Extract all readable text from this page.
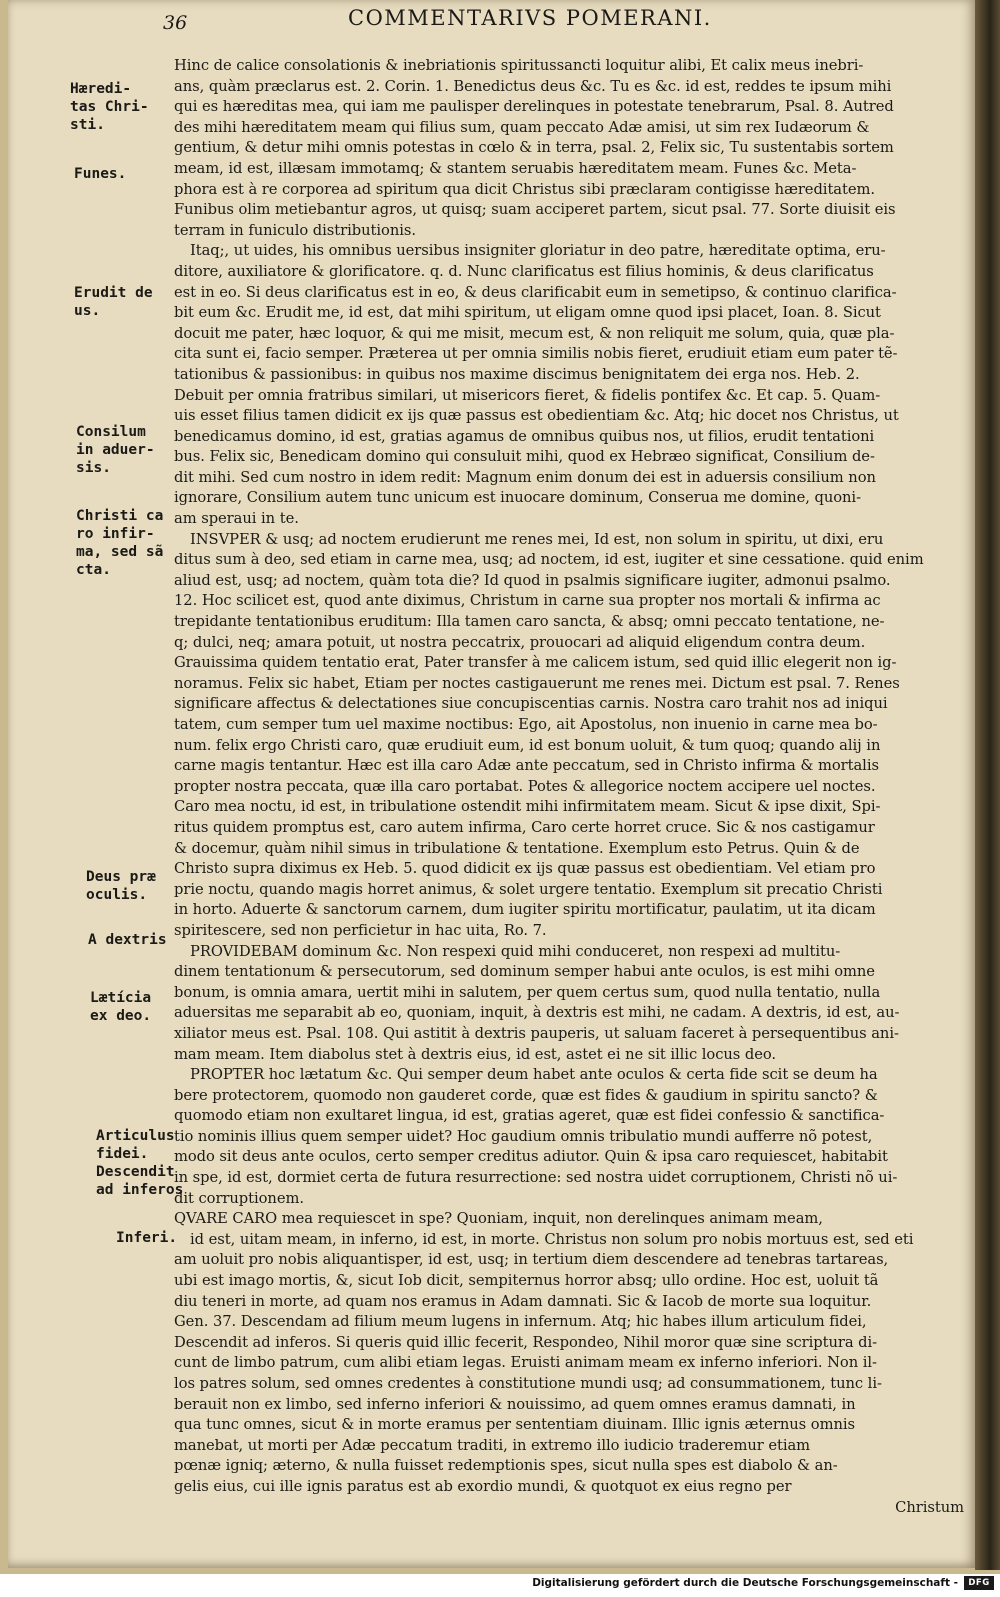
36	COMMENTARIVS POMERANI.
Hæredi-
tas Chri-
sti.
Funes.
Erudit de
us.
Consilum
in aduer-
sis.
Christi ca
ro infir-
ma, sed sã
cta.
Deus præ
oculis.
A dextris
Lætícia
ex deo.
Articulus
fidei.
Descendit
ad inferos
Inferi.
Hinc de calice consolationis & inebriationis spiritussancti loquitur alibi, Et calix meus inebri-
ans, quàm præclarus est. 2. Corin. 1. Benedictus deus &c. Tu es &c. id est, reddes te ipsum mihi
qui es hæreditas mea, qui iam me paulisper derelinques in potestate tenebrarum, Psal. 8. Autred
des mihi hæreditatem meam qui filius sum, quam peccato Adæ amisi, ut sim rex Iudæorum &
gentium, & detur mihi omnis potestas in cœlo & in terra, psal. 2, Felix sic, Tu sustentabis sortem
meam, id est, illæsam immotamq; & stantem seruabis hæreditatem meam. Funes &c. Meta-
phora est à re corporea ad spiritum qua dicit Christus sibi præclaram contigisse hæreditatem.
Funibus olim metiebantur agros, ut quisq; suam acciperet partem, sicut psal. 77. Sorte diuisit eis
terram in funiculo distributionis.
Itaq;, ut uides, his omnibus uersibus insigniter gloriatur in deo patre, hæreditate optima, eru-
ditore, auxiliatore & glorificatore. q. d. Nunc clarificatus est filius hominis, & deus clarificatus
est in eo. Si deus clarificatus est in eo, & deus clarificabit eum in semetipso, & continuo clarifica-
bit eum &c. Erudit me, id est, dat mihi spiritum, ut eligam omne quod ipsi placet, Ioan. 8. Sicut
docuit me pater, hæc loquor, & qui me misit, mecum est, & non reliquit me solum, quia, quæ pla-
cita sunt ei, facio semper. Præterea ut per omnia similis nobis fieret, erudiuit etiam eum pater tẽ-
tationibus & passionibus: in quibus nos maxime discimus benignitatem dei erga nos. Heb. 2.
Debuit per omnia fratribus similari, ut misericors fieret, & fidelis pontifex &c. Et cap. 5. Quam-
uis esset filius tamen didicit ex ijs quæ passus est obedientiam &c. Atq; hic docet nos Christus, ut
benedicamus domino, id est, gratias agamus de omnibus quibus nos, ut filios, erudit tentationi
bus. Felix sic, Benedicam domino qui consuluit mihi, quod ex Hebræo significat, Consilium de-
dit mihi. Sed cum nostro in idem redit: Magnum enim donum dei est in aduersis consilium non
ignorare, Consilium autem tunc unicum est inuocare dominum, Conserua me domine, quoni-
am speraui in te.
INSVPER & usq; ad noctem erudierunt me renes mei, Id est, non solum in spiritu, ut dixi, eru
ditus sum à deo, sed etiam in carne mea, usq; ad noctem, id est, iugiter et sine cessatione. quid enim
aliud est, usq; ad noctem, quàm tota die? Id quod in psalmis significare iugiter, admonui psalmo.
12. Hoc scilicet est, quod ante diximus, Christum in carne sua propter nos mortali & infirma ac
trepidante tentationibus eruditum: Illa tamen caro sancta, & absq; omni peccato tentatione, ne-
q; dulci, neq; amara potuit, ut nostra peccatrix, prouocari ad aliquid eligendum contra deum.
Grauissima quidem tentatio erat, Pater transfer à me calicem istum, sed quid illic elegerit non ig-
noramus. Felix sic habet, Etiam per noctes castigauerunt me renes mei. Dictum est psal. 7. Renes
significare affectus & delectationes siue concupiscentias carnis. Nostra caro trahit nos ad iniqui
tatem, cum semper tum uel maxime noctibus: Ego, ait Apostolus, non inuenio in carne mea bo-
num. felix ergo Christi caro, quæ erudiuit eum, id est bonum uoluit, & tum quoq; quando alij in
carne magis tentantur. Hæc est illa caro Adæ ante peccatum, sed in Christo infirma & mortalis
propter nostra peccata, quæ illa caro portabat. Potes & allegorice noctem accipere uel noctes.
Caro mea noctu, id est, in tribulatione ostendit mihi infirmitatem meam. Sicut & ipse dixit, Spi-
ritus quidem promptus est, caro autem infirma, Caro certe horret cruce. Sic & nos castigamur
& docemur, quàm nihil simus in tribulatione & tentatione. Exemplum esto Petrus. Quin & de
Christo supra diximus ex Heb. 5. quod didicit ex ijs quæ passus est obedientiam. Vel etiam pro
prie noctu, quando magis horret animus, & solet urgere tentatio. Exemplum sit precatio Christi
in horto. Aduerte & sanctorum carnem, dum iugiter spiritu mortificatur, paulatim, ut ita dicam
spiritescere, sed non perficietur in hac uita, Ro. 7.
PROVIDEBAM dominum &c. Non respexi quid mihi conduceret, non respexi ad multitu-
dinem tentationum & persecutorum, sed dominum semper habui ante oculos, is est mihi omne
bonum, is omnia amara, uertit mihi in salutem, per quem certus sum, quod nulla tentatio, nulla
aduersitas me separabit ab eo, quoniam, inquit, à dextris est mihi, ne cadam. A dextris, id est, au-
xiliator meus est. Psal. 108. Qui astitit à dextris pauperis, ut saluam faceret à persequentibus ani-
mam meam. Item diabolus stet à dextris eius, id est, astet ei ne sit illic locus deo.
PROPTER hoc lætatum &c. Qui semper deum habet ante oculos & certa fide scit se deum ha
bere protectorem, quomodo non gauderet corde, quæ est fides & gaudium in spiritu sancto? &
quomodo etiam non exultaret lingua, id est, gratias ageret, quæ est fidei confessio & sanctifica-
tio nominis illius quem semper uidet? Hoc gaudium omnis tribulatio mundi aufferre nõ potest,
modo sit deus ante oculos, certo semper creditus adiutor. Quin & ipsa caro requiescet, habitabit
in spe, id est, dormiet certa de futura resurrectione: sed nostra uidet corruptionem, Christi nõ ui-
dit corruptionem.
QVARE CARO mea requiescet in spe? Quoniam, inquit, non derelinques animam meam,
id est, uitam meam, in inferno, id est, in morte. Christus non solum pro nobis mortuus est, sed eti
am uoluit pro nobis aliquantisper, id est, usq; in tertium diem descendere ad tenebras tartareas,
ubi est imago mortis, &, sicut Iob dicit, sempiternus horror absq; ullo ordine. Hoc est, uoluit tã
diu teneri in morte, ad quam nos eramus in Adam damnati. Sic & Iacob de morte sua loquitur.
Gen. 37. Descendam ad filium meum lugens in infernum. Atq; hic habes illum articulum fidei,
Descendit ad inferos. Si queris quid illic fecerit, Respondeo, Nihil moror quæ sine scriptura di-
cunt de limbo patrum, cum alibi etiam legas. Eruisti animam meam ex inferno inferiori. Non il-
los patres solum, sed omnes credentes à constitutione mundi usq; ad consummationem, tunc li-
berauit non ex limbo, sed inferno inferiori & nouissimo, ad quem omnes eramus damnati, in
qua tunc omnes, sicut & in morte eramus per sententiam diuinam. Illic ignis æternus omnis
manebat, ut morti per Adæ peccatum traditi, in extremo illo iudicio traderemur etiam
pœnæ igniq; æterno, & nulla fuisset redemptionis spes, sicut nulla spes est diabolo & an-
gelis eius, cui ille ignis paratus est ab exordio mundi, & quotquot ex eius regno per
Christum
Digitalisierung gefördert durch die Deutsche Forschungsgemeinschaft -	DFG
